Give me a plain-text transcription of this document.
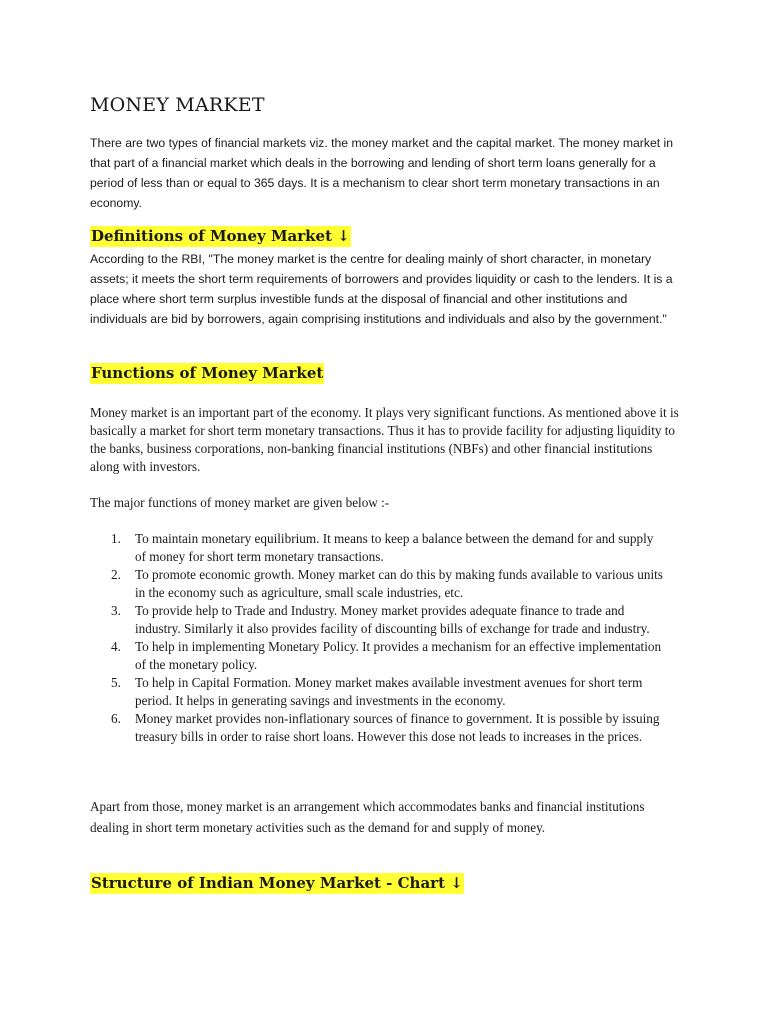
MONEY MARKET

There are two types of financial markets viz. the money market and the capital market. The money market in that part of a financial market which deals in the borrowing and lending of short term loans generally for a period of less than or equal to 365 days. It is a mechanism to clear short term monetary transactions in an economy.

Definitions of Money Market ↓

According to the RBI, "The money market is the centre for dealing mainly of short character, in monetary assets; it meets the short term requirements of borrowers and provides liquidity or cash to the lenders. It is a place where short term surplus investible funds at the disposal of financial and other institutions and individuals are bid by borrowers, again comprising institutions and individuals and also by the government."

Functions of Money Market

Money market is an important part of the economy. It plays very significant functions. As mentioned above it is basically a market for short term monetary transactions. Thus it has to provide facility for adjusting liquidity to the banks, business corporations, non-banking financial institutions (NBFs) and other financial institutions along with investors.

The major functions of money market are given below :-

1. To maintain monetary equilibrium. It means to keep a balance between the demand for and supply of money for short term monetary transactions.
2. To promote economic growth. Money market can do this by making funds available to various units in the economy such as agriculture, small scale industries, etc.
3. To provide help to Trade and Industry. Money market provides adequate finance to trade and industry. Similarly it also provides facility of discounting bills of exchange for trade and industry.
4. To help in implementing Monetary Policy. It provides a mechanism for an effective implementation of the monetary policy.
5. To help in Capital Formation. Money market makes available investment avenues for short term period. It helps in generating savings and investments in the economy.
6. Money market provides non-inflationary sources of finance to government. It is possible by issuing treasury bills in order to raise short loans. However this dose not leads to increases in the prices.

Apart from those, money market is an arrangement which accommodates banks and financial institutions dealing in short term monetary activities such as the demand for and supply of money.

Structure of Indian Money Market - Chart ↓
